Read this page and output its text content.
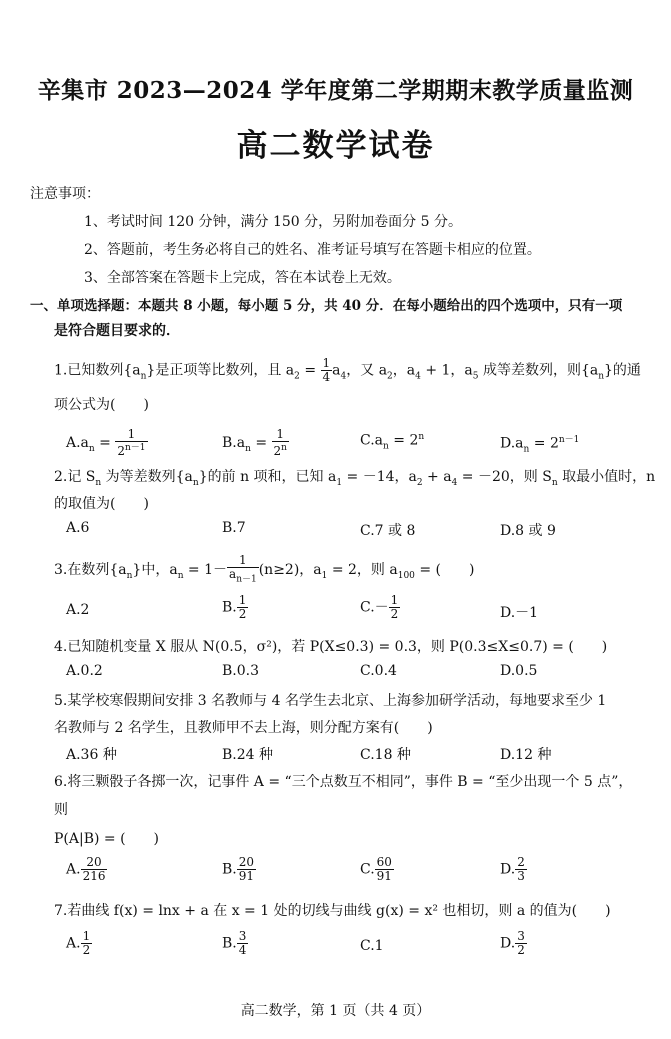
辛集市 2023—2024 学年度第二学期期末教学质量监测
高二数学试卷
注意事项：
1、考试时间 120 分钟，满分 150 分，另附加卷面分 5 分。
2、答题前，考生务必将自己的姓名、准考证号填写在答题卡相应的位置。
3、全部答案在答题卡上完成，答在本试卷上无效。
一、单项选择题：本题共 8 小题，每小题 5 分，共 40 分．在每小题给出的四个选项中，只有一项
是符合题目要求的．
1.已知数列$\{a_n\}$是正项等比数列，且 $a_2 = \frac{1}{4} a_4$，又 $a_2$，$a_4 + 1$，$a_5$ 成等差数列，则$\{a_n\}$的通
项公式为(　　)
$A.a_n = \frac{1}{2^{n-1}}$	$B.a_n = \frac{1}{2^n}$	$C.a_n = 2^n$	$D.a_n = 2^{n-1}$
2.记 $S_n$ 为等差数列$\{a_n\}$的前 n 项和，已知 $a_1 = -14$，$a_2 + a_4 = -20$，则 $S_n$ 取最小值时，n
的取值为(　　)
A.6	B.7	C.7 或 8	D.8 或 9
3.在数列$\{a_n\}$中，$a_n = 1- \frac{1}{a_{n-1}} (n\ge 2)$，$a_1 = 2$，则 $a_{100}$ = (　　)
A.2	B. $\frac{1}{2}$	$C.- \frac{1}{2}$	D.－1
4.已知随机变量 X 服从 N(0.5，σ²)，若 P(X≤0.3) = 0.3，则 P(0.3≤X≤0.7) = (　　)
A.0.2	B.0.3	C.0.4	D.0.5
5.某学校寒假期间安排 3 名教师与 4 名学生去北京、上海参加研学活动，每地要求至少 1
名教师与 2 名学生，且教师甲不去上海，则分配方案有(　　)
A.36 种	B.24 种	C.18 种	D.12 种
6.将三颗骰子各掷一次，记事件 A = “三个点数互不相同”，事件 B = “至少出现一个 5 点”，
则
P(A|B) = (　　)
A. $\frac{20}{216}$	B. $\frac{20}{91}$	C. $\frac{60}{91}$	D. $\frac{2}{3}$
7.若曲线 f(x) = lnx + a 在 x = 1 处的切线与曲线 g(x) = x² 也相切，则 a 的值为(　　)
A. $\frac{1}{2}$	B. $\frac{3}{4}$	C.1	D. $\frac{3}{2}$
高二数学，第 1 页（共 4 页）
